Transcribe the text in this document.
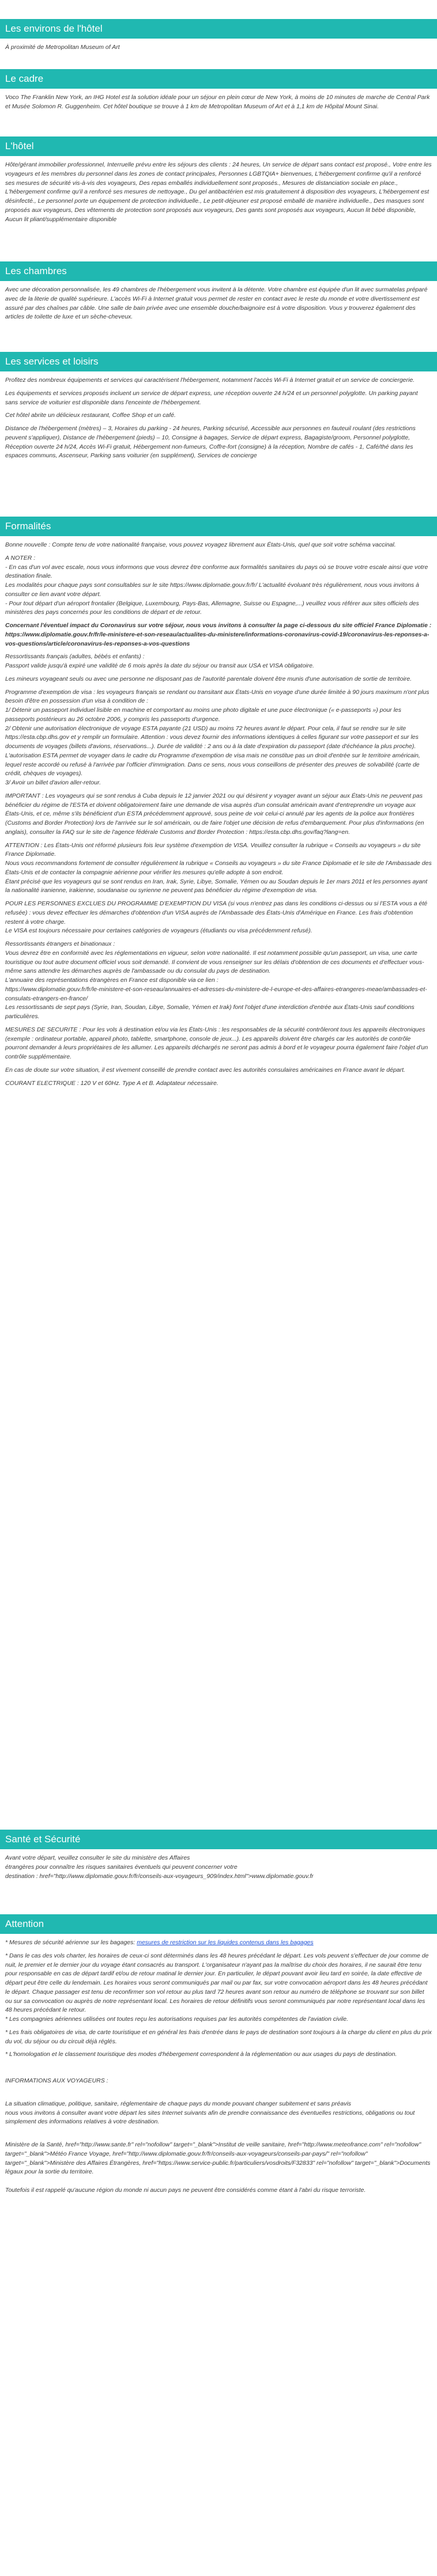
Les environs de l'hôtel

À proximité de Metropolitan Museum of Art

Le cadre

Voco The Franklin New York, an IHG Hotel est la solution idéale pour un séjour en plein cœur de New York, à moins de 10 minutes de marche de Central Park et Musée Solomon R. Guggenheim. Cet hôtel boutique se trouve à 1 km de Metropolitan Museum of Art et à 1,1 km de Hôpital Mount Sinai.

L'hôtel

Hôte/gérant immobilier professionnel, Interruelle prévu entre les séjours des clients : 24 heures, Un service de départ sans contact est proposé., Votre entre les voyageurs et les membres du personnel dans les zones de contact principales, Personnes LGBTQIA+ bienvenues, L'hébergement confirme qu'il a renforcé ses mesures de sécurité vis-à-vis des voyageurs, Des repas emballés individuellement sont proposés., Mesures de distanciation sociale en place., L'hébergement confirme qu'il a renforcé ses mesures de nettoyage., Du gel antibactérien est mis gratuitement à disposition des voyageurs, L'hébergement est désinfecté., Le personnel porte un équipement de protection individuelle., Le petit-déjeuner est proposé emballé de manière individuelle., Des masques sont proposés aux voyageurs, Des vêtements de protection sont proposés aux voyageurs, Des gants sont proposés aux voyageurs, Aucun lit bébé disponible, Aucun lit pliant/supplémentaire disponible

Les chambres

Avec une décoration personnalisée, les 49 chambres de l'hébergement vous invitent à la détente. Votre chambre est équipée d'un lit avec surmatelas préparé avec de la literie de qualité supérieure. L'accès Wi-Fi à Internet gratuit vous permet de rester en contact avec le reste du monde et votre divertissement est assuré par des chaînes par câble. Une salle de bain privée avec une ensemble douche/baignoire est à votre disposition. Vous y trouverez également des articles de toilette de luxe et un sèche-cheveux.

Les services et loisirs

Profitez des nombreux équipements et services qui caractérisent l'hébergement, notamment l'accès Wi-Fi à Internet gratuit et un service de conciergerie.

Les équipements et services proposés incluent un service de départ express, une réception ouverte 24 h/24 et un personnel polyglotte. Un parking payant sans service de voiturier est disponible dans l'enceinte de l'hébergement.

Cet hôtel abrite un délicieux restaurant, Coffee Shop et un café.

Distance de l'hébergement (mètres) – 3, Horaires du parking - 24 heures, Parking sécurisé, Accessible aux personnes en fauteuil roulant (des restrictions peuvent s'appliquer), Distance de l'hébergement (pieds) – 10, Consigne à bagages, Service de départ express, Bagagiste/groom, Personnel polyglotte, Réception ouverte 24 h/24, Accès Wi-Fi gratuit, Hébergement non-fumeurs, Coffre-fort (consigne) à la réception, Nombre de cafés - 1, Café/thé dans les espaces communs, Ascenseur, Parking sans voiturier (en supplément), Services de concierge

Formalités

Bonne nouvelle : Compte tenu de votre nationalité française, vous pouvez voyagez librement aux États-Unis, quel que soit votre schéma vaccinal.

A NOTER :
- En cas d'un vol avec escale, nous vous informons que vous devrez être conforme aux formalités sanitaires du pays où se trouve votre escale ainsi que votre destination finale.
Les modalités pour chaque pays sont consultables sur le site https://www.diplomatie.gouv.fr/fr/ L'actualité évoluant très régulièrement, nous vous invitons à consulter ce lien avant votre départ.
- Pour tout départ d'un aéroport frontalier (Belgique, Luxembourg, Pays-Bas, Allemagne, Suisse ou Espagne,...) veuillez vous référer aux sites officiels des ministères des pays concernés pour les conditions de départ et de retour.

Concernant l'éventuel impact du Coronavirus sur votre séjour, nous vous invitons à consulter la page ci-dessous du site officiel France Diplomatie : https://www.diplomatie.gouv.fr/fr/le-ministere-et-son-reseau/actualites-du-ministere/informations-coronavirus-covid-19/coronavirus-les-reponses-a-vos-questions/article/coronavirus-les-reponses-a-vos-questions

Ressortissants français (adultes, bébés et enfants) :
Passport valide jusqu'à expiré une validité de 6 mois après la date du séjour ou transit aux USA et VISA obligatoire.

Les mineurs voyageant seuls ou avec une personne ne disposant pas de l'autorité parentale doivent être munis d'une autorisation de sortie de territoire.

Programme d'exemption de visa : les voyageurs français se rendant ou transitant aux États-Unis en voyage d'une durée limitée à 90 jours maximum n'ont plus besoin d'être en possession d'un visa à condition de :
1/ Détenir un passeport individuel lisible en machine et comportant au moins une photo digitale et une puce électronique (« e-passeports ») pour les passeports postérieurs au 26 octobre 2006, y compris les passeports d'urgence.
2/ Obtenir une autorisation électronique de voyage ESTA payante (21 USD) au moins 72 heures avant le départ. Pour cela, il faut se rendre sur le site https://esta.cbp.dhs.gov et y remplir un formulaire. Attention : vous devez fournir des informations identiques à celles figurant sur votre passeport et sur les documents de voyages (billets d'avions, réservations...). Durée de validité : 2 ans ou à la date d'expiration du passeport (date d'échéance la plus proche). L'autorisation ESTA permet de voyager dans le cadre du Programme d'exemption de visa mais ne constitue pas un droit d'entrée sur le territoire américain, lequel reste accordé ou refusé à l'arrivée par l'officier d'immigration. Dans ce sens, nous vous conseillons de présenter des preuves de solvabilité (carte de crédit, chèques de voyages).
3/ Avoir un billet d'avion aller-retour.

IMPORTANT : Les voyageurs qui se sont rendus à Cuba depuis le 12 janvier 2021 ou qui désirent y voyager avant un séjour aux États-Unis ne peuvent pas bénéficier du régime de l'ESTA et doivent obligatoirement faire une demande de visa auprès d'un consulat américain avant d'entreprendre un voyage aux États-Unis, et ce, même s'ils bénéficient d'un ESTA précédemment approuvé, sous peine de voir celui-ci annulé par les agents de la police aux frontières (Customs and Border Protection) lors de l'arrivée sur le sol américain, ou de faire l'objet une décision de refus d'embarquement. Pour plus d'informations (en anglais), consulter la FAQ sur le site de l'agence fédérale Customs and Border Protection : https://esta.cbp.dhs.gov/faq?lang=en.

ATTENTION : Les États-Unis ont réformé plusieurs fois leur système d'exemption de VISA. Veuillez consulter la rubrique « Conseils au voyageurs » du site France Diplomatie.
Nous vous recommandons fortement de consulter régulièrement la rubrique « Conseils au voyageurs » du site France Diplomatie et le site de l'Ambassade des États-Unis et de contacter la compagnie aérienne pour vérifier les mesures qu'elle adopte à son endroit.
Étant précisé que les voyageurs qui se sont rendus en Iran, Irak, Syrie, Libye, Somalie, Yémen ou au Soudan depuis le 1er mars 2011 et les personnes ayant la nationalité iranienne, irakienne, soudanaise ou syrienne ne peuvent pas bénéficier du régime d'exemption de visa.

POUR LES PERSONNES EXCLUES DU PROGRAMME D'EXEMPTION DU VISA (si vous n'entrez pas dans les conditions ci-dessus ou si l'ESTA vous a été refusée) : vous devez effectuer les démarches d'obtention d'un VISA auprès de l'Ambassade des États-Unis d'Amérique en France. Les frais d'obtention restent à votre charge.
Le VISA est toujours nécessaire pour certaines catégories de voyageurs (étudiants ou visa précédemment refusé).

Ressortissants étrangers et binationaux :
Vous devrez être en conformité avec les réglementations en vigueur, selon votre nationalité. Il est notamment possible qu'un passeport, un visa, une carte touristique ou tout autre document officiel vous soit demandé. Il convient de vous renseigner sur les délais d'obtention de ces documents et d'effectuer vous-même sans attendre les démarches auprès de l'ambassade ou du consulat du pays de destination.
L'annuaire des représentations étrangères en France est disponible via ce lien :
https://www.diplomatie.gouv.fr/fr/le-ministere-et-son-reseau/annuaires-et-adresses-du-ministere-de-l-europe-et-des-affaires-etrangeres-meae/ambassades-et-consulats-etrangers-en-france/
Les ressortissants de sept pays (Syrie, Iran, Soudan, Libye, Somalie, Yémen et Irak) font l'objet d'une interdiction d'entrée aux États-Unis sauf conditions particulières.

MESURES DE SECURITE : Pour les vols à destination et/ou via les États-Unis : les responsables de la sécurité contrôleront tous les appareils électroniques (exemple : ordinateur portable, appareil photo, tablette, smartphone, console de jeux...). Les appareils doivent être chargés car les autorités de contrôle pourront demander à leurs propriétaires de les allumer. Les appareils déchargés ne seront pas admis à bord et le voyageur pourra également faire l'objet d'un contrôle supplémentaire.

En cas de doute sur votre situation, il est vivement conseillé de prendre contact avec les autorités consulaires américaines en France avant le départ.

COURANT ELECTRIQUE : 120 V et 60Hz. Type A et B. Adaptateur nécessaire.

Santé et Sécurité

Avant votre départ, veuillez consulter le site du ministère des Affaires
étrangères pour connaître les risques sanitaires éventuels qui peuvent concerner votre
destination : href="http://www.diplomatie.gouv.fr/fr/conseils-aux-voyageurs_909/index.html">www.diplomatie.gouv.fr

Attention

* Mesures de sécurité aérienne sur les bagages: mesures de restriction sur les liquides contenus dans les bagages

* Dans le cas des vols charter, les horaires de ceux-ci sont déterminés dans les 48 heures précédant le départ. Les vols peuvent s'effectuer de jour comme de nuit, le premier et le dernier jour du voyage étant consacrés au transport. L'organisateur n'ayant pas la maîtrise du choix des horaires, il ne saurait être tenu pour responsable en cas de départ tardif et/ou de retour matinal le dernier jour. En particulier, le départ pouvant avoir lieu tard en soirée, la date effective de départ peut être celle du lendemain. Les horaires vous seront communiqués par mail ou par fax, sur votre convocation aéroport dans les 48 heures précédant le départ. Chaque passager est tenu de reconfirmer son vol retour au plus tard 72 heures avant son retour au numéro de téléphone se trouvant sur son billet ou sur sa convocation ou auprès de notre représentant local. Les horaires de retour définitifs vous seront communiqués par notre représentant local dans les 48 heures précédant le retour.
* Les compagnies aériennes utilisées ont toutes reçu les autorisations requises par les autorités compétentes de l'aviation civile.

* Les frais obligatoires de visa, de carte touristique et en général les frais d'entrée dans le pays de destination sont toujours à la charge du client en plus du prix du vol, du séjour ou du circuit déjà réglés.

* L'homologation et le classement touristique des modes d'hébergement correspondent à la réglementation ou aux usages du pays de destination.

INFORMATIONS AUX VOYAGEURS :

La situation climatique, politique, sanitaire, réglementaire de chaque pays du monde pouvant changer subitement et sans préavis
nous vous invitons à consulter avant votre départ les sites Internet suivants afin de prendre connaissance des éventuelles restrictions, obligations ou tout simplement des informations relatives à votre destination.

Ministère de la Santé, href="http://www.sante.fr" rel="nofollow" target="_blank">Institut de veille sanitaire, href="http://www.meteofrance.com" rel="nofollow" target="_blank">Météo France Voyage, href="http://www.diplomatie.gouv.fr/fr/conseils-aux-voyageurs/conseils-par-pays/" rel="nofollow" target="_blank">Ministère des Affaires Étrangères, href="https://www.service-public.fr/particuliers/vosdroits/F32833" rel="nofollow" target="_blank">Documents légaux pour la sortie du territoire.

Toutefois il est rappelé qu'aucune région du monde ni aucun pays ne peuvent être considérés comme étant à l'abri du risque terroriste.
